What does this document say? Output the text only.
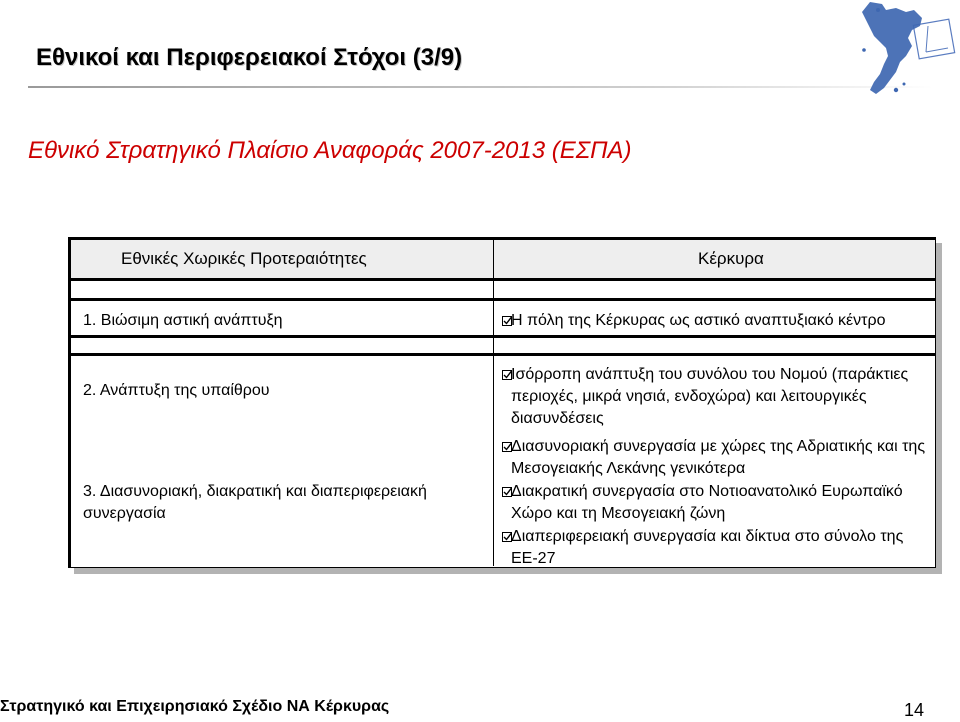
Εθνικοί και Περιφερειακοί Στόχοι (3/9)
Εθνικό Στρατηγικό Πλαίσιο Αναφοράς 2007-2013 (ΕΣΠΑ)
Εθνικές Χωρικές Προτεραιότητες	Κέρκυρα
1. Βιώσιμη αστική ανάπτυξη
2. Ανάπτυξη της υπαίθρου
3. Διασυνοριακή, διακρατική και διαπεριφερειακή συνεργασία
Η πόλη της Κέρκυρας ως αστικό αναπτυξιακό κέντρο
Ισόρροπη ανάπτυξη του συνόλου του Νομού (παράκτιες περιοχές, μικρά νησιά, ενδοχώρα) και λειτουργικές διασυνδέσεις
Διασυνοριακή συνεργασία με χώρες της Αδριατικής και της Μεσογειακής Λεκάνης γενικότερα
Διακρατική συνεργασία στο Νοτιοανατολικό Ευρωπαϊκό Χώρο και τη Μεσογειακή ζώνη
Διαπεριφερειακή συνεργασία και δίκτυα στο σύνολο της ΕΕ-27
Στρατηγικό και Επιχειρησιακό Σχέδιο ΝΑ Κέρκυρας	14
